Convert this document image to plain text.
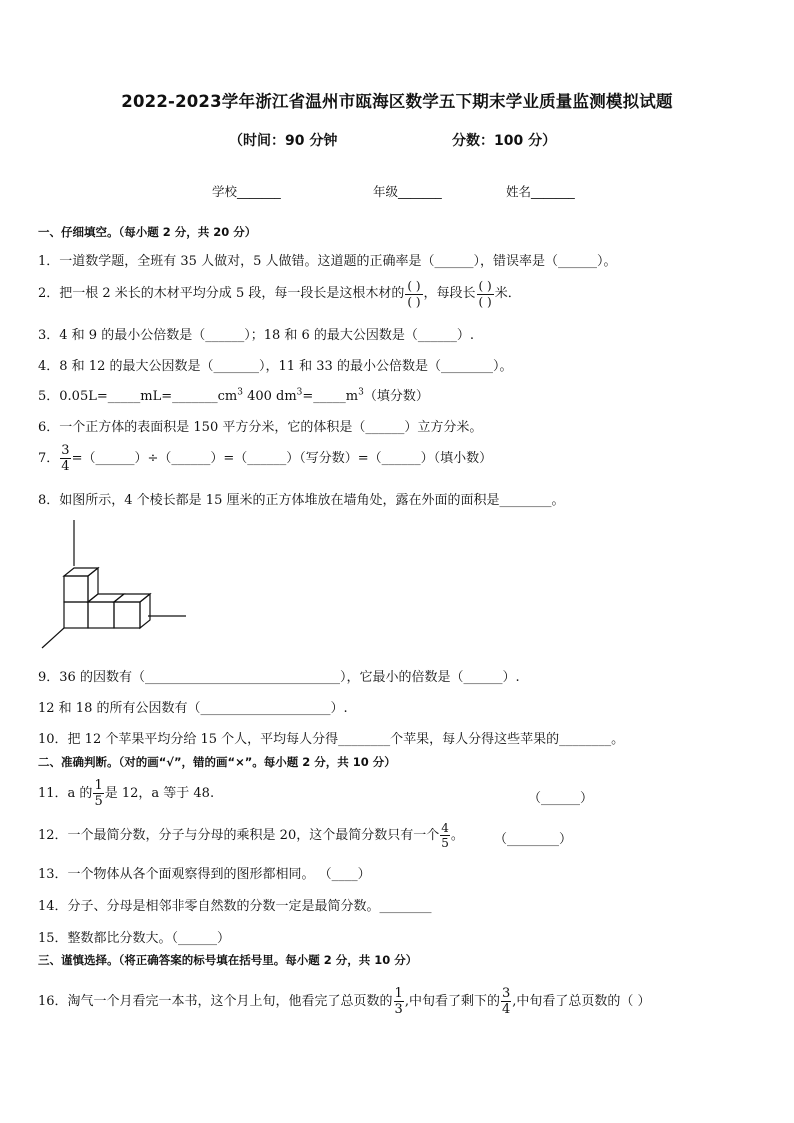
2022-2023学年浙江省温州市瓯海区数学五下期末学业质量监测模拟试题
（时间：90 分钟	分数：100 分）
学校_______	年级_______	姓名_______
一、仔细填空。（每小题 2 分，共 20 分）
1．一道数学题，全班有 35 人做对，5 人做错。这道题的正确率是（______），错误率是（______）。
2．把一根 2 米长的木材平均分成 5 段，每一段长是这根木材的 $\frac{( )}{( )}$ ，每段长 $\frac{( )}{( )}$ 米．
3．4 和 9 的最小公倍数是（______）；18 和 6 的最大公因数是（______）.
4．8 和 12 的最大公因数是（_______），11 和 33 的最小公倍数是（________）。
5．$0.05L=\_\_\_\_\_mL=\_\_\_\_\_\_\_cm^3$ 400 $dm^3=\_\_\_\_\_m^3$（填分数）
6．一个正方体的表面积是 150 平方分米，它的体积是（______）立方分米。
7． $\frac{3}{4}$ =（______）÷（______）=（______）（写分数）=（______）（填小数）
8．如图所示，4 个棱长都是 15 厘米的正方体堆放在墙角处，露在外面的面积是________。
9．36 的因数有（______________________________），它最小的倍数是（______）.
12 和 18 的所有公因数有（____________________）.
10．把 12 个苹果平均分给 15 个人，平均每人分得________个苹果，每人分得这些苹果的________。
二、准确判断。（对的画“√”，错的画“×”。每小题 2 分，共 10 分）
11．a 的 $\frac{1}{5}$ 是 12，a 等于 48.	（______）
12．一个最简分数，分子与分母的乘积是 20，这个最简分数只有一个 $\frac{4}{5}$ 。 （________）
13．一个物体从各个面观察得到的图形都相同。 （____）
14．分子、分母是相邻非零自然数的分数一定是最简分数。________
15．整数都比分数大。（______）
三、谨慎选择。（将正确答案的标号填在括号里。每小题 2 分，共 10 分）
16．淘气一个月看完一本书，这个月上旬，他看完了总页数的 $\frac{1}{3}$ ,中旬看了剩下的 $\frac{3}{4}$ ,中旬看了总页数的（ ）
